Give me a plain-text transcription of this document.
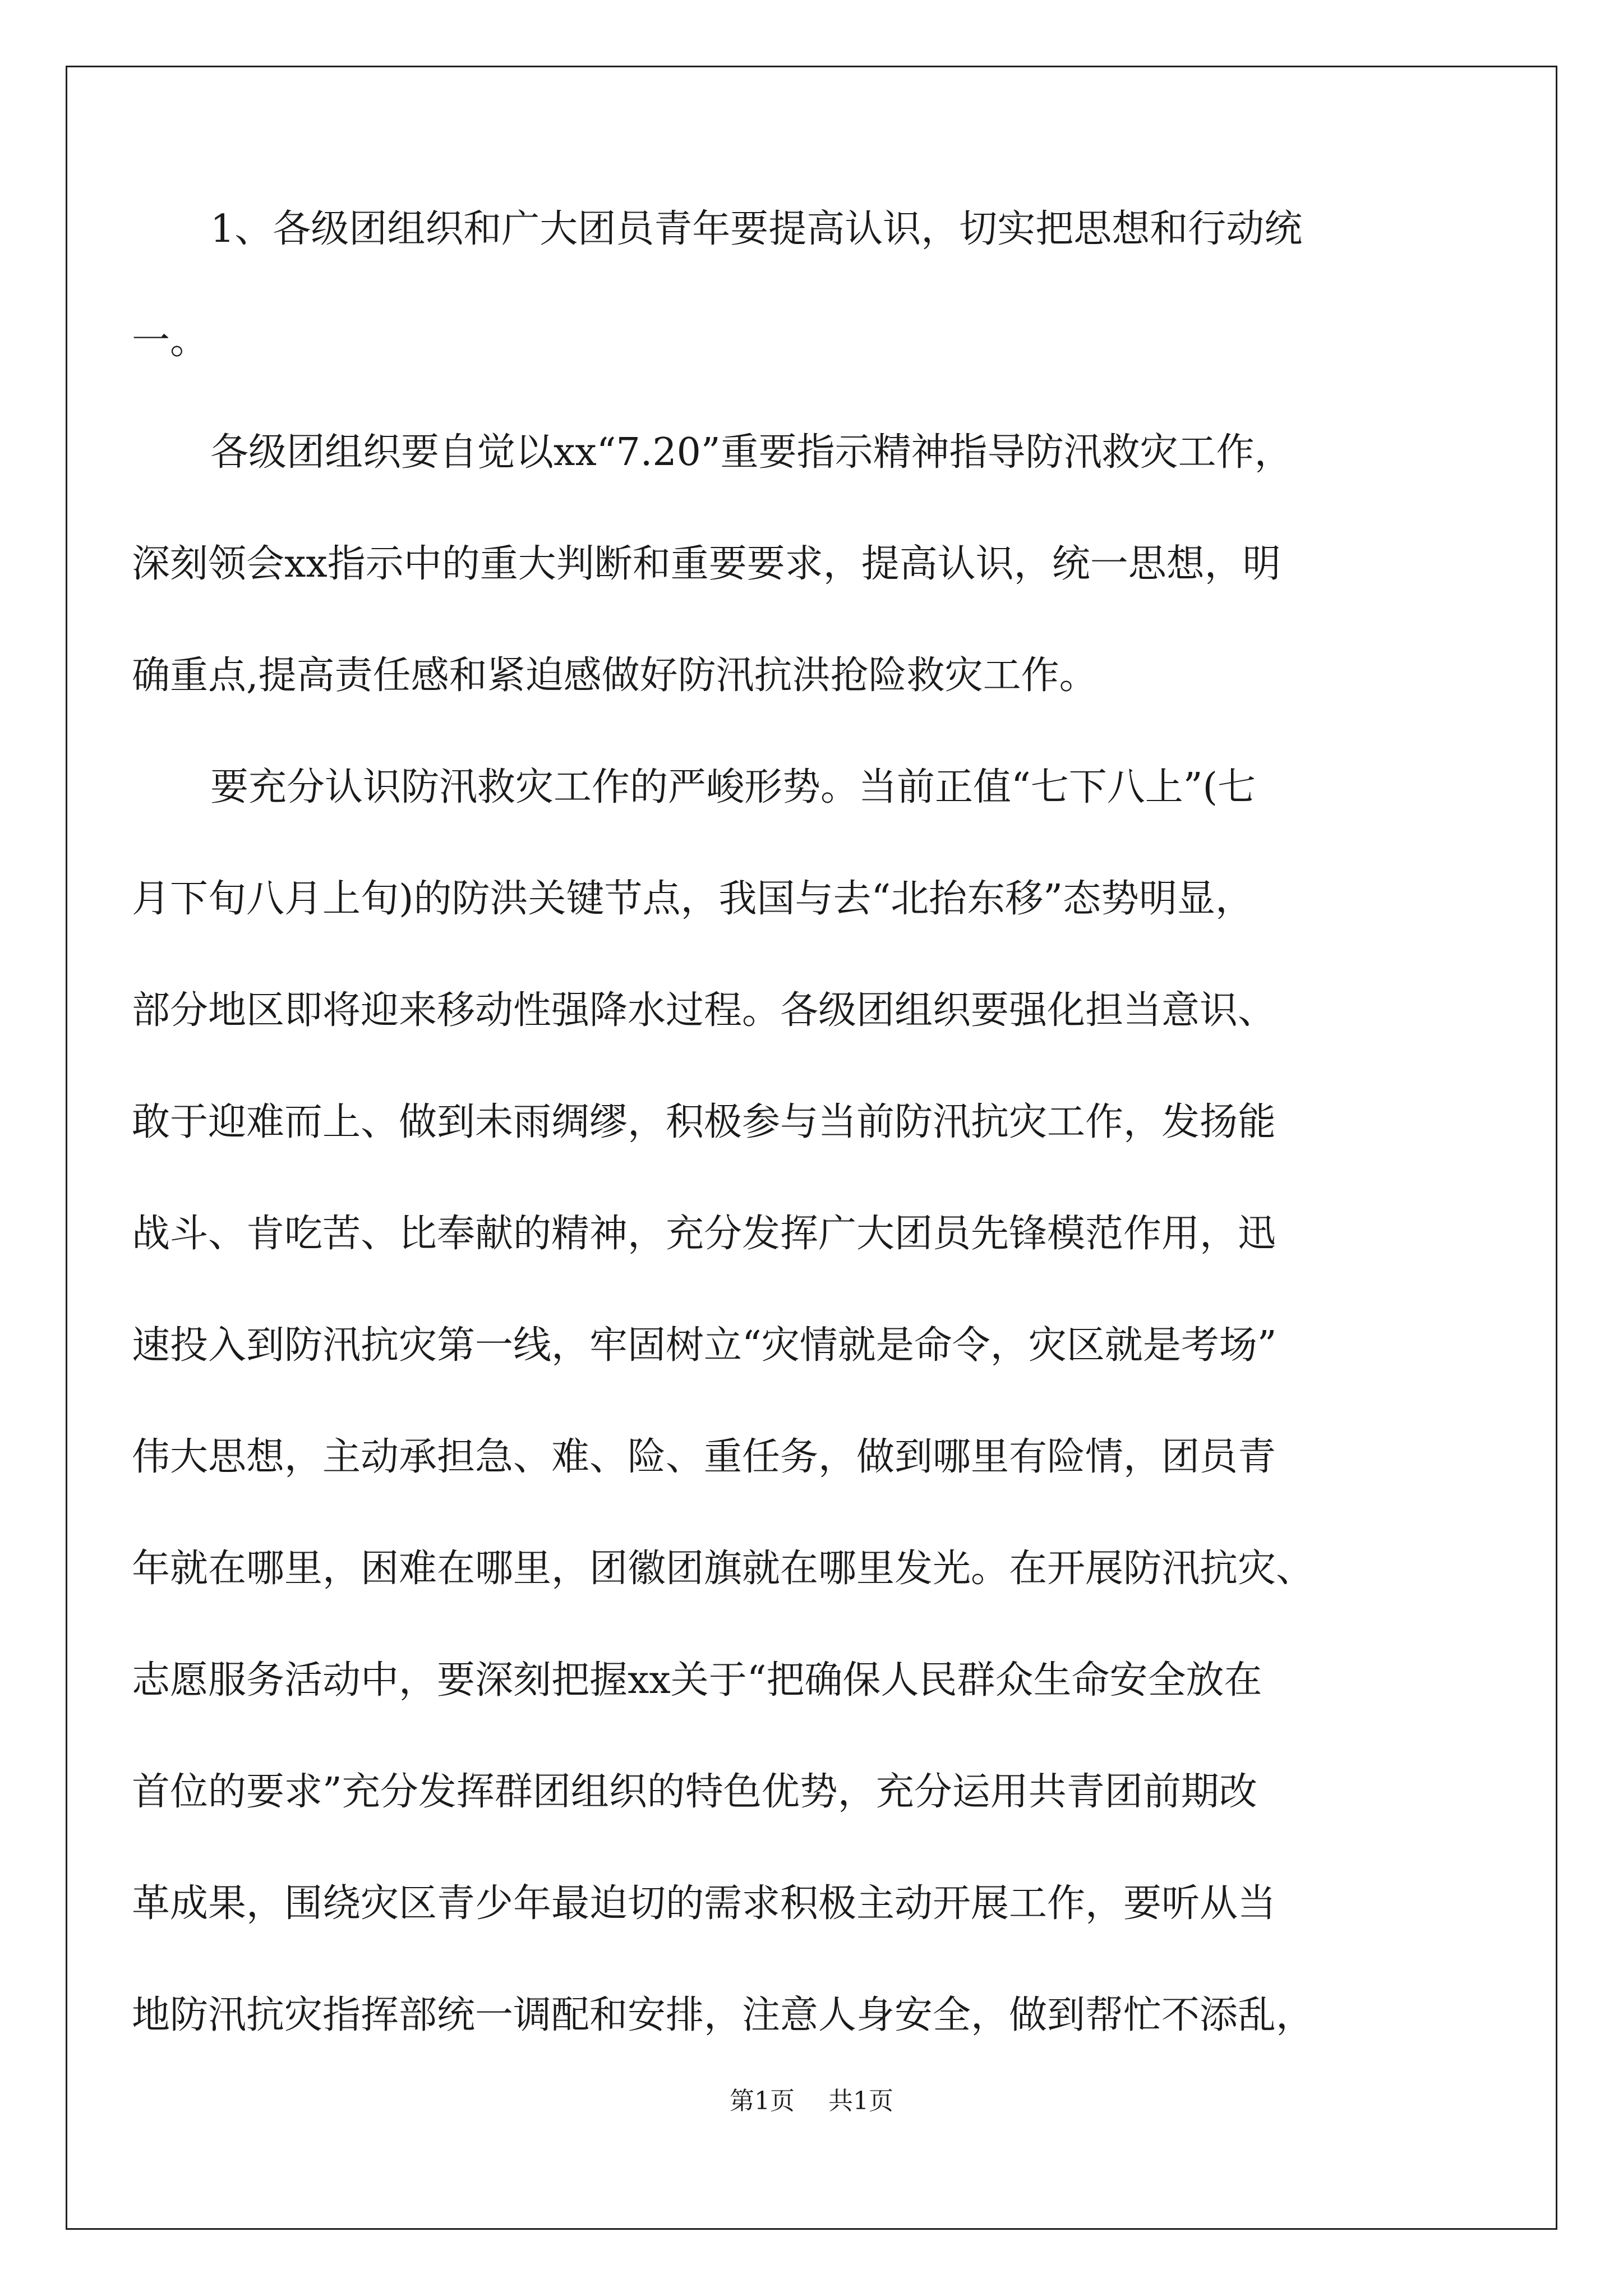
1、各级团组织和广大团员青年要提高认识，切实把思想和行动统
一。
各级团组织要自觉以xx“7.20”重要指示精神指导防汛救灾工作，
深刻领会xx指示中的重大判断和重要要求，提高认识，统一思想，明
确重点,提高责任感和紧迫感做好防汛抗洪抢险救灾工作。
要充分认识防汛救灾工作的严峻形势。当前正值“七下八上”(七
月下旬八月上旬)的防洪关键节点，我国与去“北抬东移”态势明显，
部分地区即将迎来移动性强降水过程。各级团组织要强化担当意识、
敢于迎难而上、做到未雨绸缪，积极参与当前防汛抗灾工作，发扬能
战斗、肯吃苦、比奉献的精神，充分发挥广大团员先锋模范作用，迅
速投入到防汛抗灾第一线，牢固树立“灾情就是命令，灾区就是考场”
伟大思想，主动承担急、难、险、重任务，做到哪里有险情，团员青
年就在哪里，困难在哪里，团徽团旗就在哪里发光。在开展防汛抗灾、
志愿服务活动中，要深刻把握xx关于“把确保人民群众生命安全放在
首位的要求”充分发挥群团组织的特色优势，充分运用共青团前期改
革成果，围绕灾区青少年最迫切的需求积极主动开展工作，要听从当
地防汛抗灾指挥部统一调配和安排，注意人身安全，做到帮忙不添乱，
第1页 共1页
